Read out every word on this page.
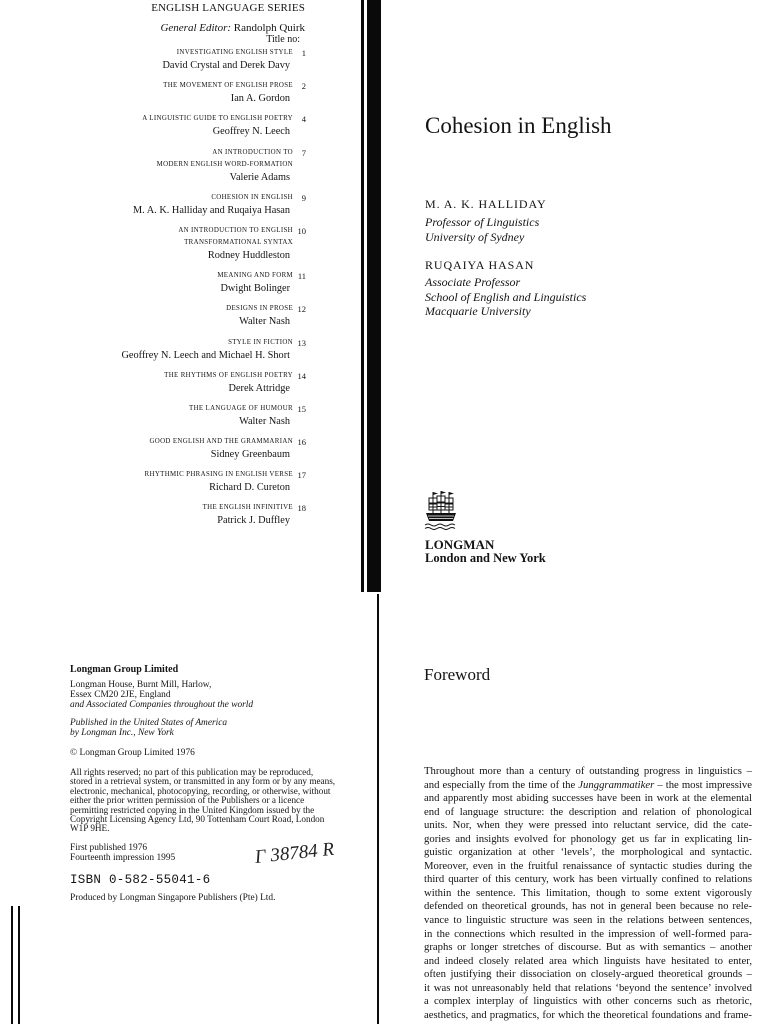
ENGLISH LANGUAGE SERIES
General Editor: Randolph Quirk
Title no:
INVESTIGATING ENGLISH STYLE 1
David Crystal and Derek Davy
THE MOVEMENT OF ENGLISH PROSE 2
Ian A. Gordon
A LINGUISTIC GUIDE TO ENGLISH POETRY 4
Geoffrey N. Leech
AN INTRODUCTION TO
MODERN ENGLISH WORD-FORMATION
7
Valerie Adams
COHESION IN ENGLISH 9
M. A. K. Halliday and Ruqaiya Hasan
AN INTRODUCTION TO ENGLISH
TRANSFORMATIONAL SYNTAX
10
Rodney Huddleston
MEANING AND FORM 11
Dwight Bolinger
DESIGNS IN PROSE 12
Walter Nash
STYLE IN FICTION 13
Geoffrey N. Leech and Michael H. Short
THE RHYTHMS OF ENGLISH POETRY 14
Derek Attridge
THE LANGUAGE OF HUMOUR 15
Walter Nash
GOOD ENGLISH AND THE GRAMMARIAN 16
Sidney Greenbaum
RHYTHMIC PHRASING IN ENGLISH VERSE 17
Richard D. Cureton
THE ENGLISH INFINITIVE 18
Patrick J. Duffley
Cohesion in English
M. A. K. HALLIDAY
Professor of Linguistics
University of Sydney
RUQAIYA HASAN
Associate Professor
School of English and Linguistics
Macquarie University
LONGMAN
London and New York
Longman Group Limited
Longman House, Burnt Mill, Harlow,
Essex CM20 2JE, England
and Associated Companies throughout the world
Published in the United States of America
by Longman Inc., New York
© Longman Group Limited 1976
All rights reserved; no part of this publication may be reproduced,
stored in a retrieval system, or transmitted in any form or by any means,
electronic, mechanical, photocopying, recording, or otherwise, without
either the prior written permission of the Publishers or a licence
permitting restricted copying in the United Kingdom issued by the
Copyright Licensing Agency Ltd, 90 Tottenham Court Road, London
W1P 9HE.
First published 1976
Fourteenth impression 1995	Г 38784 R
ISBN 0-582-55041-6
Produced by Longman Singapore Publishers (Pte) Ltd.
Foreword
Throughout more than a century of outstanding progress in linguistics –
and especially from the time of the Junggrammatiker – the most impressive
and apparently most abiding successes have been in work at the elemental
end of language structure: the description and relation of phonological
units. Nor, when they were pressed into reluctant service, did the cate-
gories and insights evolved for phonology get us far in explicating lin-
guistic organization at other ‘levels’, the morphological and syntactic.
Moreover, even in the fruitful renaissance of syntactic studies during the
third quarter of this century, work has been virtually confined to relations
within the sentence. This limitation, though to some extent vigorously
defended on theoretical grounds, has not in general been because no rele-
vance to linguistic structure was seen in the relations between sentences,
in the connections which resulted in the impression of well-formed para-
graphs or longer stretches of discourse. But as with semantics – another
and indeed closely related area which linguists have hesitated to enter,
often justifying their dissociation on closely-argued theoretical grounds –
it was not unreasonably held that relations ‘beyond the sentence’ involved
a complex interplay of linguistics with other concerns such as rhetoric,
aesthetics, and pragmatics, for which the theoretical foundations and frame-
